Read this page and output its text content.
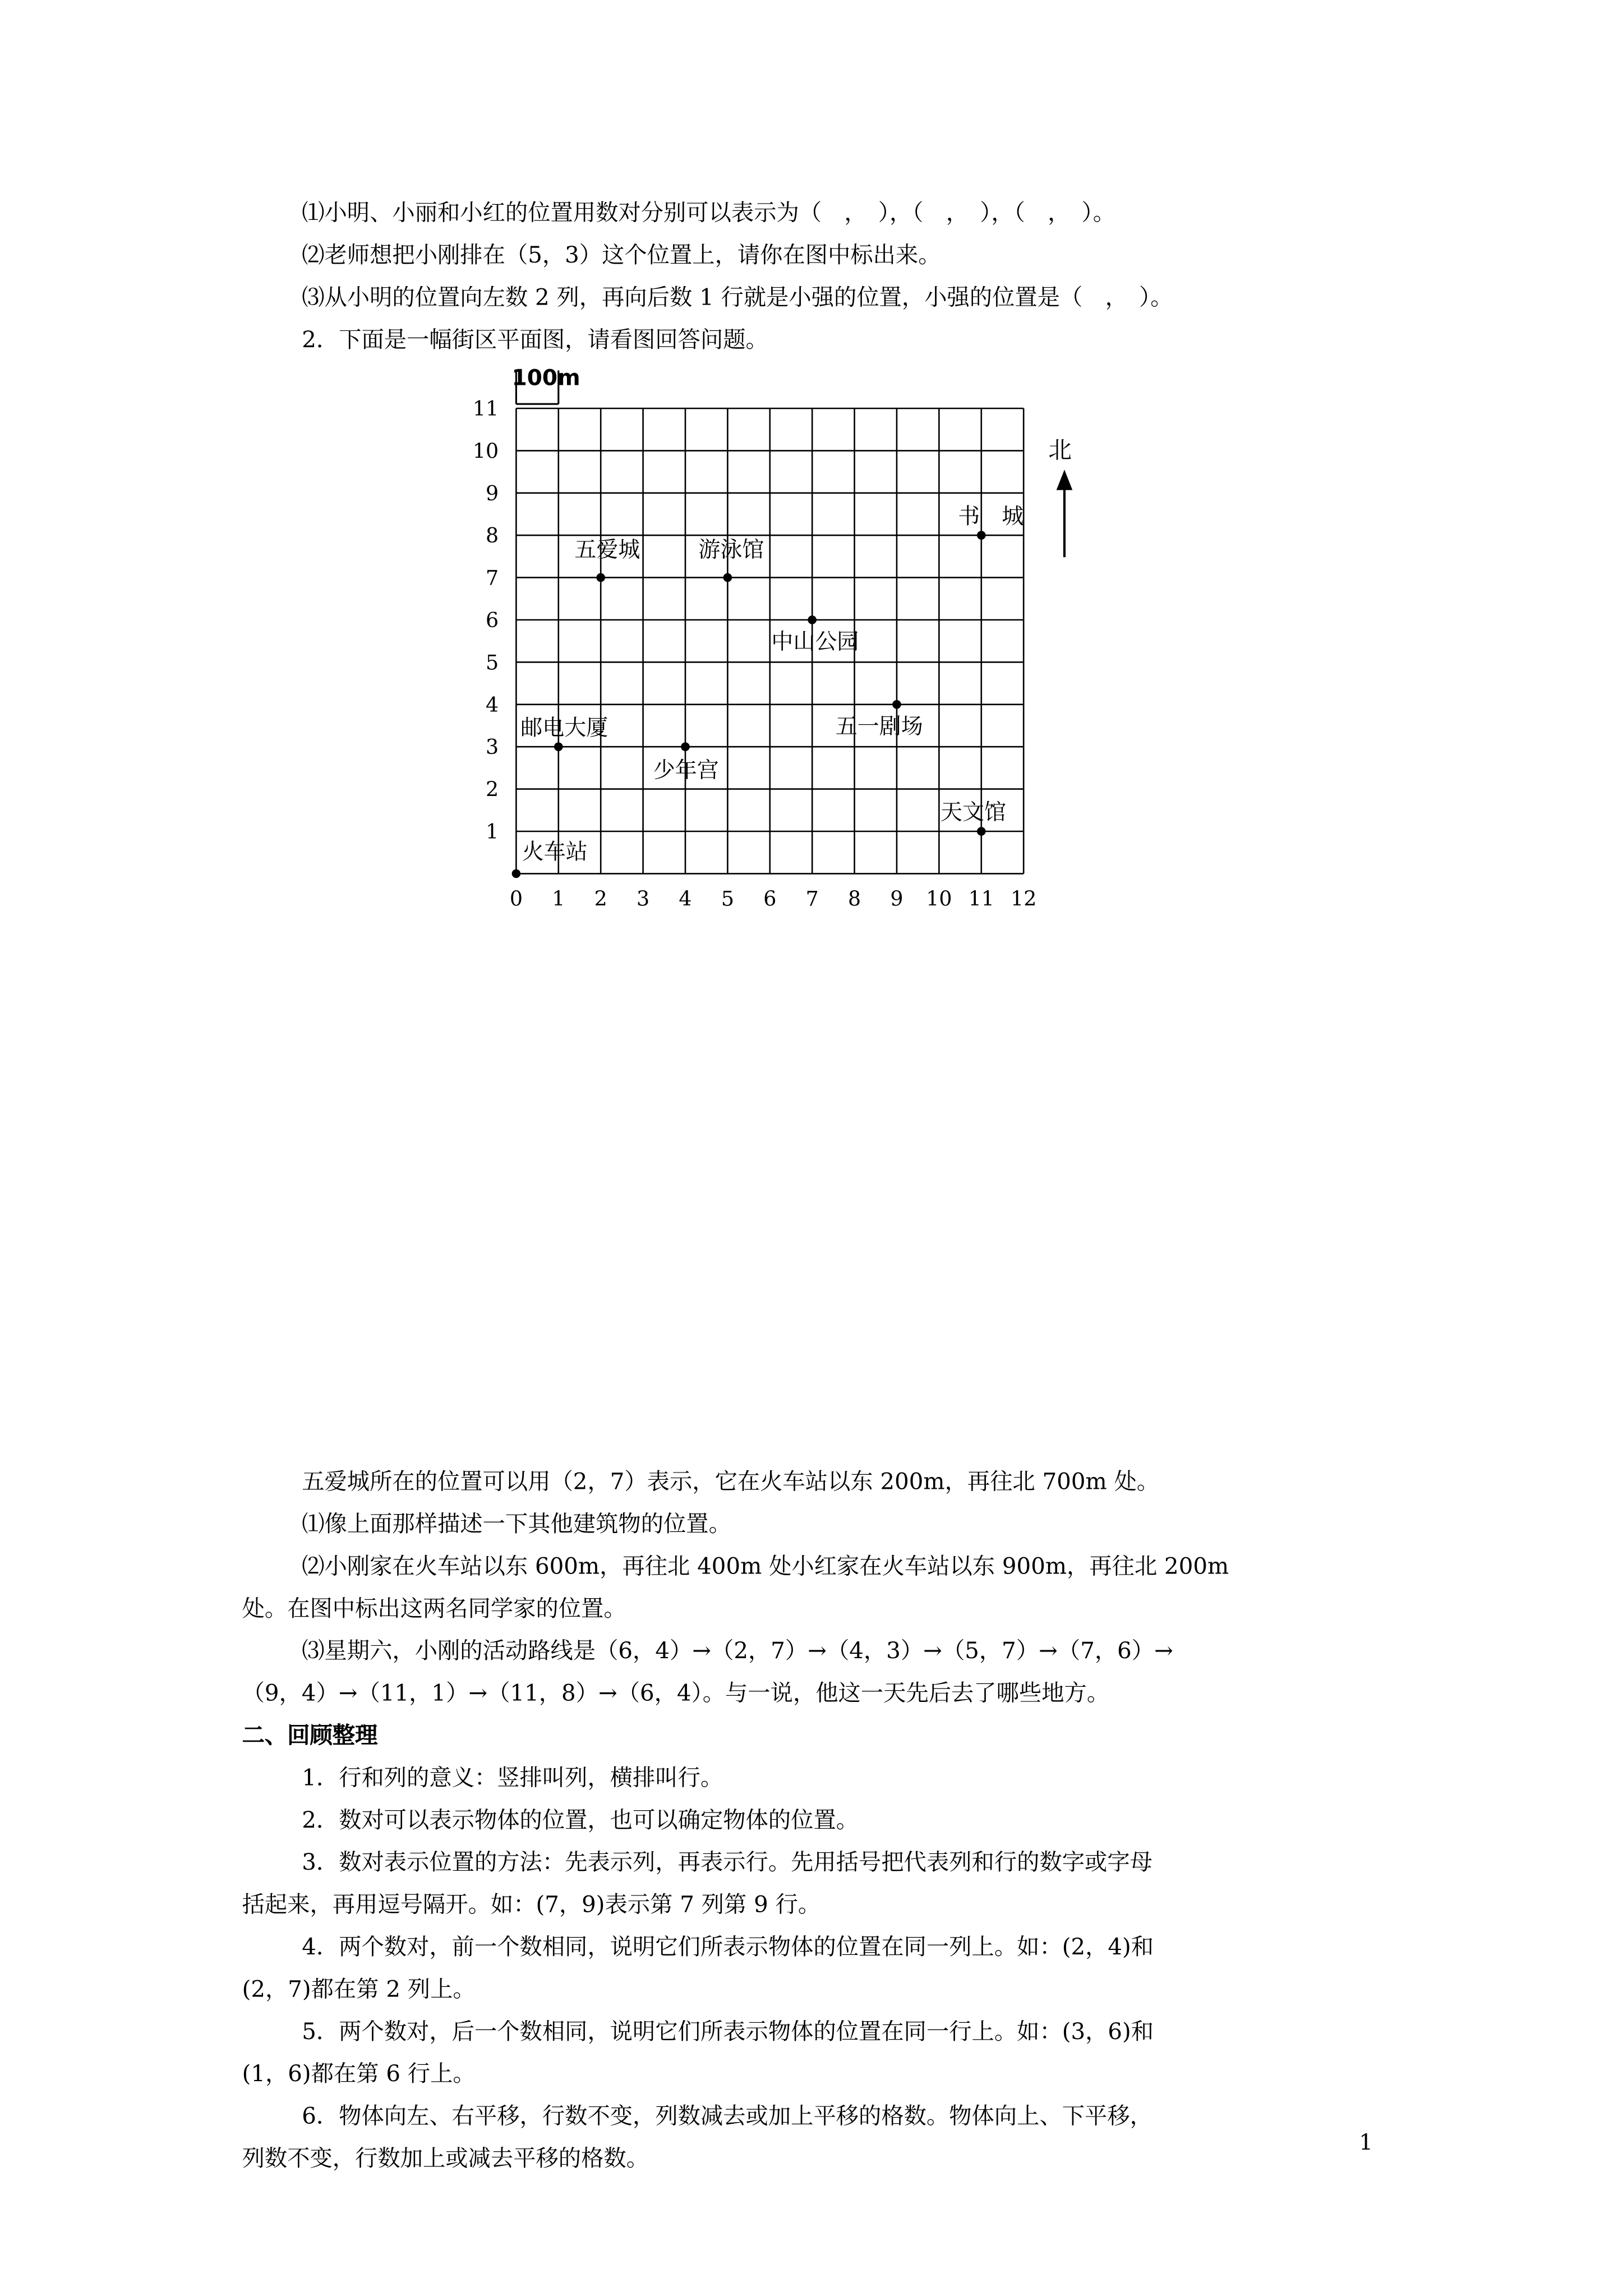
⑴小明、小丽和小红的位置用数对分别可以表示为（　，　），（　，　），（　，　）。

⑵老师想把小刚排在（5，3）这个位置上，请你在图中标出来。

⑶从小明的位置向左数 2 列，再向后数 1 行就是小强的位置，小强的位置是（　，　）。

2．下面是一幅街区平面图，请看图回答问题。

100m
北
0	1	2	3	4	5	6	7	8	9	10 11 12
1
2
3
4
5
6
7
8
9
10
11
火车站
邮电大厦
少年宫
五爱城	游泳馆
中山公园
五一剧场
书　城
天文馆

五爱城所在的位置可以用（2，7）表示，它在火车站以东 200m，再往北 700m 处。

⑴像上面那样描述一下其他建筑物的位置。

⑵小刚家在火车站以东 600m，再往北 400m 处小红家在火车站以东 900m，再往北 200m

处。在图中标出这两名同学家的位置。

⑶星期六，小刚的活动路线是（6，4）→（2，7）→（4，3）→（5，7）→（7，6）→

（9，4）→（11，1）→（11，8）→（6，4）。与一说，他这一天先后去了哪些地方。

二、回顾整理

1．行和列的意义：竖排叫列，横排叫行。

2．数对可以表示物体的位置，也可以确定物体的位置。

3．数对表示位置的方法：先表示列，再表示行。先用括号把代表列和行的数字或字母

括起来，再用逗号隔开。如：(7，9)表示第 7 列第 9 行。

4．两个数对，前一个数相同，说明它们所表示物体的位置在同一列上。如：(2，4)和

(2，7)都在第 2 列上。

5．两个数对，后一个数相同，说明它们所表示物体的位置在同一行上。如：(3，6)和

(1，6)都在第 6 行上。

6．物体向左、右平移，行数不变，列数减去或加上平移的格数。物体向上、下平移，

列数不变，行数加上或减去平移的格数。

1
